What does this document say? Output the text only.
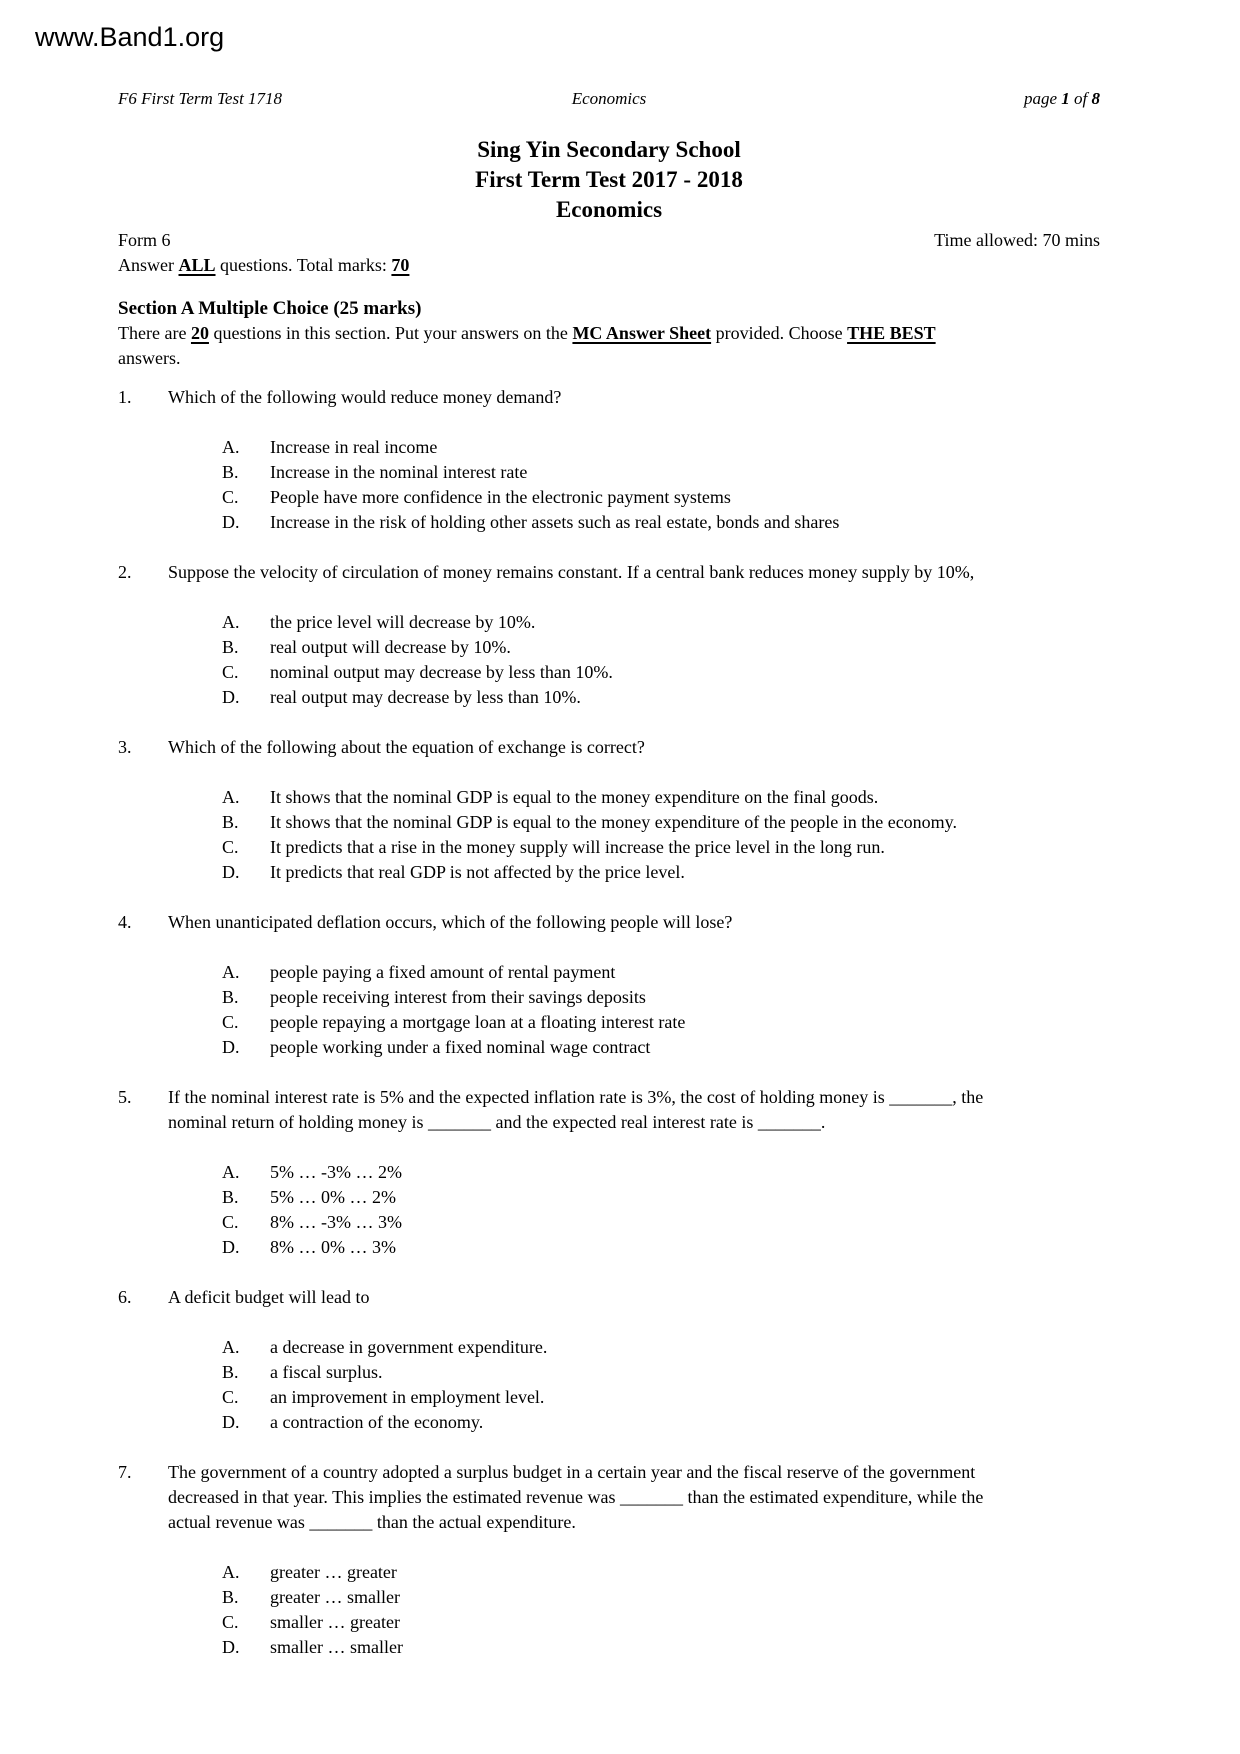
www.Band1.org
F6 First Term Test 1718	Economics	page 1 of 8
Sing Yin Secondary School
First Term Test 2017 - 2018
Economics
Form 6	Time allowed: 70 mins
Answer ALL questions. Total marks: 70
Section A Multiple Choice (25 marks)
There are 20 questions in this section. Put your answers on the MC Answer Sheet provided. Choose THE BEST
answers.
1.	Which of the following would reduce money demand?
A.	Increase in real income
B.	Increase in the nominal interest rate
C.	People have more confidence in the electronic payment systems
D.	Increase in the risk of holding other assets such as real estate, bonds and shares
2.	Suppose the velocity of circulation of money remains constant. If a central bank reduces money supply by 10%,
A.	the price level will decrease by 10%.
B.	real output will decrease by 10%.
C.	nominal output may decrease by less than 10%.
D.	real output may decrease by less than 10%.
3.	Which of the following about the equation of exchange is correct?
A.	It shows that the nominal GDP is equal to the money expenditure on the final goods.
B.	It shows that the nominal GDP is equal to the money expenditure of the people in the economy.
C.	It predicts that a rise in the money supply will increase the price level in the long run.
D.	It predicts that real GDP is not affected by the price level.
4.	When unanticipated deflation occurs, which of the following people will lose?
A.	people paying a fixed amount of rental payment
B.	people receiving interest from their savings deposits
C.	people repaying a mortgage loan at a floating interest rate
D.	people working under a fixed nominal wage contract
5.	If the nominal interest rate is 5% and the expected inflation rate is 3%, the cost of holding money is _______, the
nominal return of holding money is _______ and the expected real interest rate is _______.
A.	5% … -3% … 2%
B.	5% … 0% … 2%
C.	8% … -3% … 3%
D.	8% … 0% … 3%
6.	A deficit budget will lead to
A.	a decrease in government expenditure.
B.	a fiscal surplus.
C.	an improvement in employment level.
D.	a contraction of the economy.
7.	The government of a country adopted a surplus budget in a certain year and the fiscal reserve of the government
decreased in that year. This implies the estimated revenue was _______ than the estimated expenditure, while the
actual revenue was _______ than the actual expenditure.
A.	greater … greater
B.	greater … smaller
C.	smaller … greater
D.	smaller … smaller
